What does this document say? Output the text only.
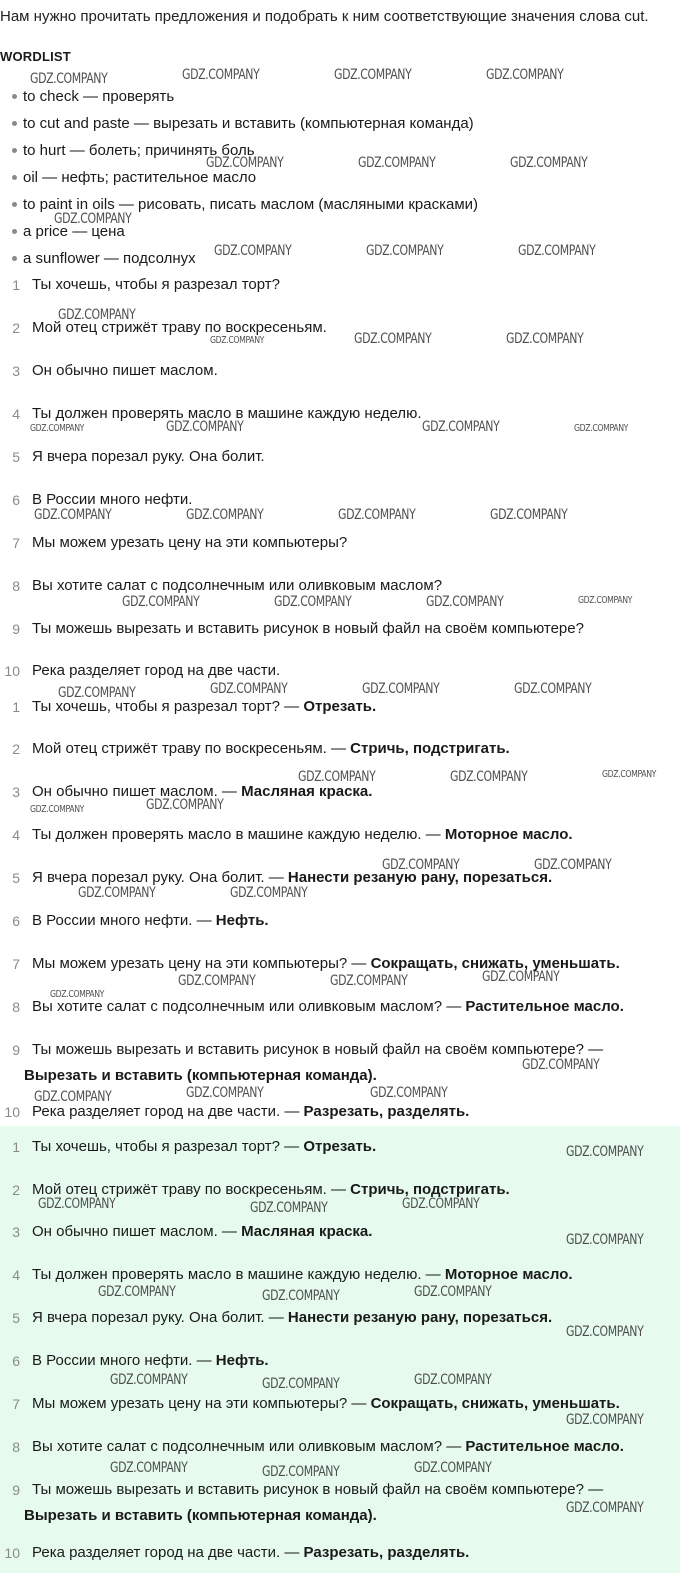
Нам нужно прочитать предложения и подобрать к ним соответствующие значения слова cut.
WORDLIST
to check — проверять
to cut and paste — вырезать и вставить (компьютерная команда)
to hurt — болеть; причинять боль
oil — нефть; растительное масло
to paint in oils — рисовать, писать маслом (масляными красками)
a price — цена
a sunflower — подсолнух
1 Ты хочешь, чтобы я разрезал торт?
2 Мой отец стрижёт траву по воскресеньям.
3 Он обычно пишет маслом.
4 Ты должен проверять масло в машине каждую неделю.
5 Я вчера порезал руку. Она болит.
6 В России много нефти.
7 Мы можем урезать цену на эти компьютеры?
8 Вы хотите салат с подсолнечным или оливковым маслом?
9 Ты можешь вырезать и вставить рисунок в новый файл на своём компьютере?
10 Река разделяет город на две части.
1 Ты хочешь, чтобы я разрезал торт? — Отрезать.
2 Мой отец стрижёт траву по воскресеньям. — Стричь, подстригать.
3 Он обычно пишет маслом. — Масляная краска.
4 Ты должен проверять масло в машине каждую неделю. — Моторное масло.
5 Я вчера порезал руку. Она болит. — Нанести резаную рану, порезаться.
6 В России много нефти. — Нефть.
7 Мы можем урезать цену на эти компьютеры? — Сокращать, снижать, уменьшать.
8 Вы хотите салат с подсолнечным или оливковым маслом? — Растительное масло.
9 Ты можешь вырезать и вставить рисунок в новый файл на своём компьютере? —
Вырезать и вставить (компьютерная команда).
10 Река разделяет город на две части. — Разрезать, разделять.
1 Ты хочешь, чтобы я разрезал торт? — Отрезать.
2 Мой отец стрижёт траву по воскресеньям. — Стричь, подстригать.
3 Он обычно пишет маслом. — Масляная краска.
4 Ты должен проверять масло в машине каждую неделю. — Моторное масло.
5 Я вчера порезал руку. Она болит. — Нанести резаную рану, порезаться.
6 В России много нефти. — Нефть.
7 Мы можем урезать цену на эти компьютеры? — Сокращать, снижать, уменьшать.
8 Вы хотите салат с подсолнечным или оливковым маслом? — Растительное масло.
9 Ты можешь вырезать и вставить рисунок в новый файл на своём компьютере? —
Вырезать и вставить (компьютерная команда).
10 Река разделяет город на две части. — Разрезать, разделять.
GDZ.COMPANY	GDZ.COMPANY	GDZ.COMPANY	GDZ.COMPANY
GDZ.COMPANY	GDZ.COMPANY	GDZ.COMPANY
GDZ.COMPANY
GDZ.COMPANY	GDZ.COMPANY	GDZ.COMPANY
GDZ.COMPANY
GDZ.COMPANY	GDZ.COMPANY	GDZ.COMPANY
GDZ.COMPANY	GDZ.COMPANY	GDZ.COMPANY	GDZ.COMPANY
GDZ.COMPANY	GDZ.COMPANY	GDZ.COMPANY	GDZ.COMPANY
GDZ.COMPANY	GDZ.COMPANY	GDZ.COMPANY	GDZ.COMPANY
GDZ.COMPANY	GDZ.COMPANY	GDZ.COMPANY	GDZ.COMPANY
GDZ.COMPANY	GDZ.COMPANY	GDZ.COMPANY
GDZ.COMPANY	GDZ.COMPANY
GDZ.COMPANY	GDZ.COMPANY
GDZ.COMPANY	GDZ.COMPANY
GDZ.COMPANY
GDZ.COMPANY	GDZ.COMPANY
GDZ.COMPANY
GDZ.COMPANY
GDZ.COMPANY	GDZ.COMPANY	GDZ.COMPANY
GDZ.COMPANY
GDZ.COMPANY	GDZ.COMPANY	GDZ.COMPANY
GDZ.COMPANY
GDZ.COMPANY	GDZ.COMPANY	GDZ.COMPANY
GDZ.COMPANY
GDZ.COMPANY	GDZ.COMPANY	GDZ.COMPANY
GDZ.COMPANY
GDZ.COMPANY	GDZ.COMPANY	GDZ.COMPANY
GDZ.COMPANY
